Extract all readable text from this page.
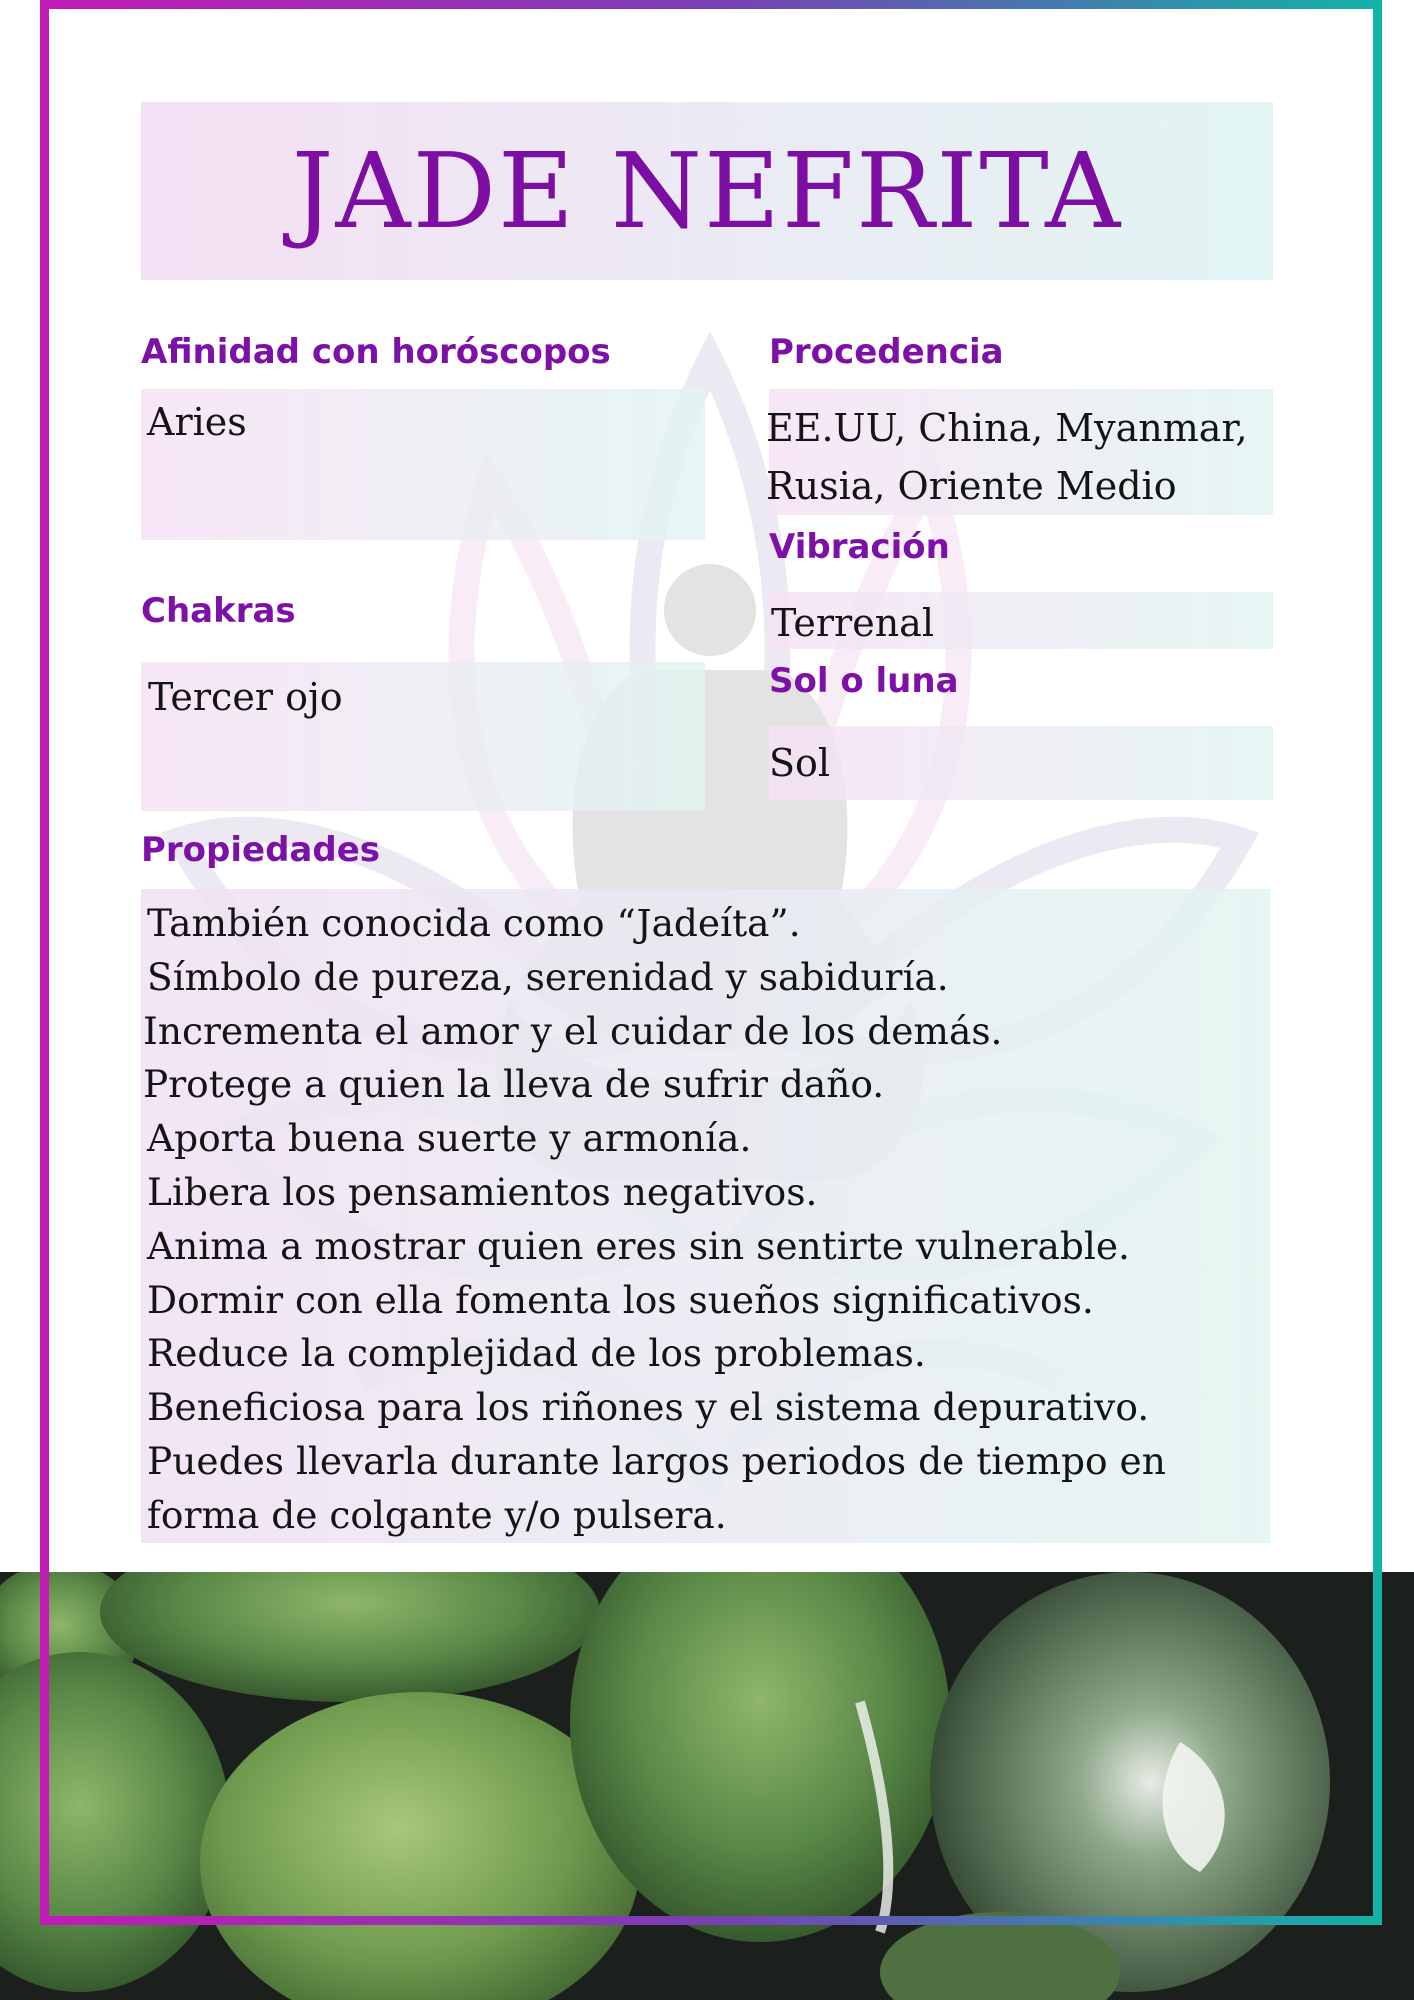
JADE NEFRITA

Afinidad con horóscopos

Aries

Procedencia

EE.UU, China, Myanmar,
Rusia, Oriente Medio

Vibración

Terrenal

Chakras

Tercer ojo	Sol o luna

Sol

Propiedades

También conocida como “Jadeíta”.
Símbolo de pureza, serenidad y sabiduría.
Incrementa el amor y el cuidar de los demás.
Protege a quien la lleva de sufrir daño.
Aporta buena suerte y armonía.
Libera los pensamientos negativos.
Anima a mostrar quien eres sin sentirte vulnerable.
Dormir con ella fomenta los sueños significativos.
Reduce la complejidad de los problemas.
Beneficiosa para los riñones y el sistema depurativo.
Puedes llevarla durante largos periodos de tiempo en
forma de colgante y/o pulsera.
